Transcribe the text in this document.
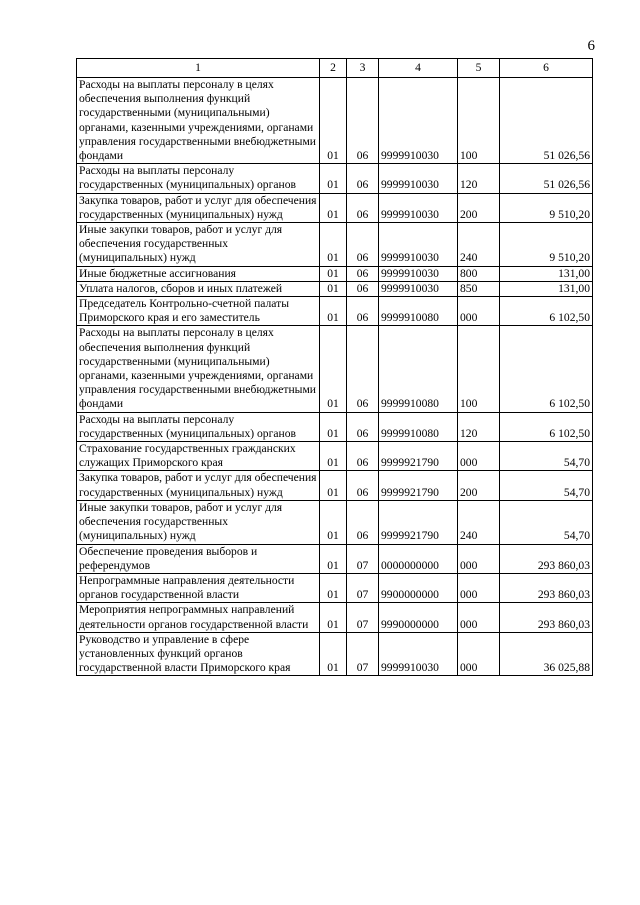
6
1	2	3	4	5	6
Расходы на выплаты персоналу в целях обеспечения выполнения функций государственными (муниципальными) органами, казенными учреждениями, органами управления государственными внебюджетными фондами	01	06	9999910030	100	51 026,56
Расходы на выплаты персоналу государственных (муниципальных) органов	01	06	9999910030	120	51 026,56
Закупка товаров, работ и услуг для обеспечения государственных (муниципальных) нужд	01	06	9999910030	200	9 510,20
Иные закупки товаров, работ и услуг для обеспечения государственных (муниципальных) нужд	01	06	9999910030	240	9 510,20
Иные бюджетные ассигнования	01	06	9999910030	800	131,00
Уплата налогов, сборов и иных платежей	01	06	9999910030	850	131,00
Председатель Контрольно-счетной палаты Приморского края и его заместитель	01	06	9999910080	000	6 102,50
Расходы на выплаты персоналу в целях обеспечения выполнения функций государственными (муниципальными) органами, казенными учреждениями, органами управления государственными внебюджетными фондами	01	06	9999910080	100	6 102,50
Расходы на выплаты персоналу государственных (муниципальных) органов	01	06	9999910080	120	6 102,50
Страхование государственных гражданских служащих Приморского края	01	06	9999921790	000	54,70
Закупка товаров, работ и услуг для обеспечения государственных (муниципальных) нужд	01	06	9999921790	200	54,70
Иные закупки товаров, работ и услуг для обеспечения государственных (муниципальных) нужд	01	06	9999921790	240	54,70
Обеспечение проведения выборов и референдумов	01	07	0000000000	000	293 860,03
Непрограммные направления деятельности органов государственной власти	01	07	9900000000	000	293 860,03
Мероприятия непрограммных направлений деятельности органов государственной власти	01	07	9990000000	000	293 860,03
Руководство и управление в сфере установленных функций органов государственной власти Приморского края	01	07	9999910030	000	36 025,88
